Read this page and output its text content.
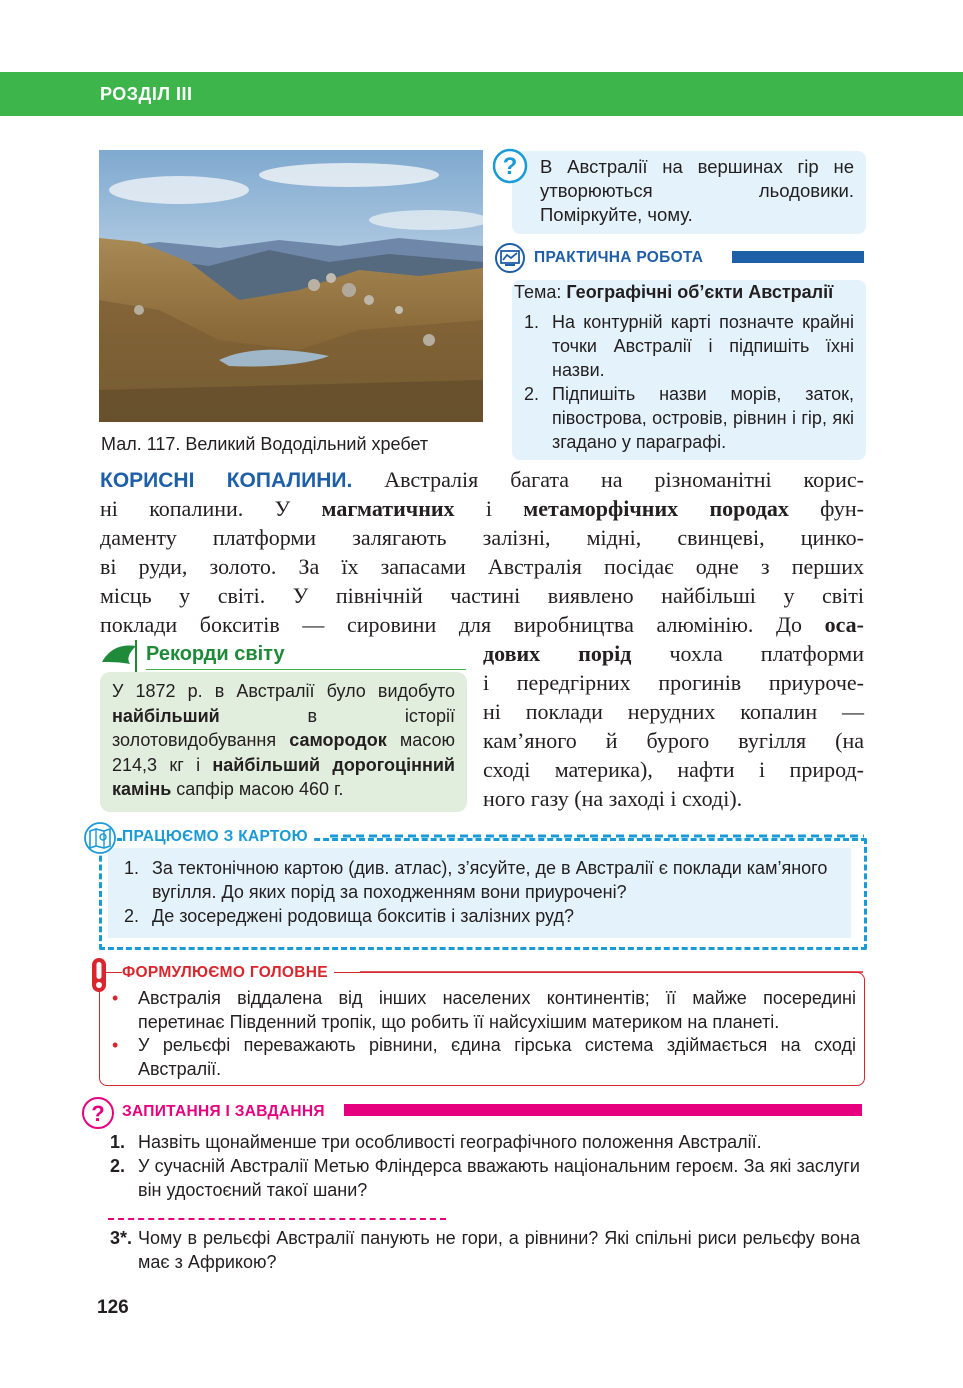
РОЗДІЛ III
Мал. 117. Великий Вододільний хребет
? В Австралії на вершинах гір не утворюються льодовики. Поміркуйте, чому.
ПРАКТИЧНА РОБОТА
Тема: Географічні об’єкти Австралії
1. На контурній карті позначте крайні точки Австралії і підпишіть їхні назви.
2. Підпишіть назви морів, заток, півострова, островів, рівнин і гір, які згадано у параграфі.
КОРИСНІ КОПАЛИНИ. Австралія багата на різноманітні корис-
ні копалини. У магматичних і метаморфічних породах фун-
даменту платформи залягають залізні, мідні, свинцеві, цинко-
ві руди, золото. За їх запасами Австралія посідає одне з перших
місць у світі. У північній частині виявлено найбільші у світі
поклади бокситів — сировини для виробництва алюмінію. До оса-
дових порід чохла платформи
і передгірних прогинів приуроче-
ні поклади нерудних копалин —
кам’яного й бурого вугілля (на
сході материка), нафти і природ-
ного газу (на заході і сході).
Рекорди світу
У 1872 р. в Австралії було видобуто найбільший в історії золотовидобування самородок масою 214,3 кг і найбільший дорогоцінний камінь сапфір масою 460 г.
ПРАЦЮЄМО З КАРТОЮ
1. За тектонічною картою (див. атлас), з’ясуйте, де в Австралії є поклади кам’яного вугілля. До яких порід за походженням вони приурочені?
2. Де зосереджені родовища бокситів і залізних руд?
ФОРМУЛЮЄМО ГОЛОВНЕ
• Австралія віддалена від інших населених континентів; її майже посередині перетинає Південний тропік, що робить її найсухішим материком на планеті.
• У рельєфі переважають рівнини, єдина гірська система здіймається на сході Австралії.
? ЗАПИТАННЯ І ЗАВДАННЯ
1. Назвіть щонайменше три особливості географічного положення Австралії.
2. У сучасній Австралії Метью Фліндерса вважають національним героєм. За які заслуги він удостоєний такої шани?
3*. Чому в рельєфі Австралії панують не гори, а рівнини? Які спільні риси рельєфу вона має з Африкою?
126
